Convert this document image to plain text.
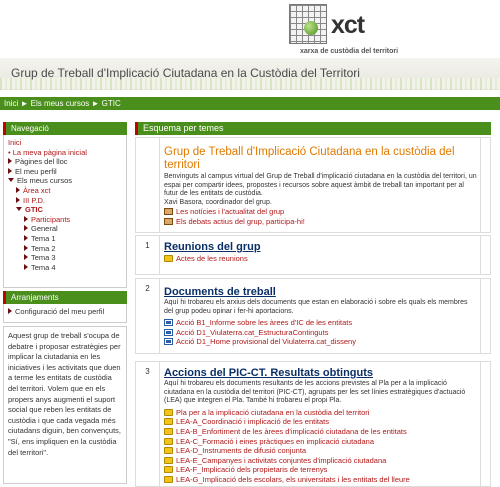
xct
xarxa de custòdia del territori
Grup de Treball d'Implicació Ciutadana en la Custòdia del Territori
Inici ► Els meus cursos ► GTIC
Navegació
Inici
• La meva pàgina inicial
Pàgines del lloc
El meu perfil
Els meus cursos
Àrea xct
III P.D.
GTIC
Participants
General
Tema 1
Tema 2
Tema 3
Tema 4
Arranjaments
Configuració del meu perfil
Aquest grup de treball s'ocupa de debatre i proposar estratègies per implicar la ciutadania en les iniciatives i les activitats que duen a terme les entitats de custòdia del territori. Volem que en els propers anys augmenti el suport social que reben les entitats de custòdia i que cada vegada més ciutadans diguin, ben convençuts, "Sí, ens impliquen en la custòdia del territori".
Esquema per temes
Grup de Treball d'Implicació Ciutadana en la custòdia del territori
Benvinguts al campus virtual del Grup de Treball d'implicació ciutadana en la custòdia del territori, un espai per compartir idees, propostes i recursos sobre aquest àmbit de treball tan important per al futur de les entitats de custòdia.
Xavi Basora, coordinador del grup.
Les notícies i l'actualitat del grup
Els debats actius del grup, participa-hi!
1	Reunions del grup
Actes de les reunions
2	Documents de treball
Aquí hi trobareu els arxius dels documents que estan en elaboració i sobre els quals els membres del grup podeu opinar i fer-hi aportacions.
Acció B1_Informe sobre les àrees d'IC de les entitats
Acció D1_Viulaterra.cat_EstructuraContinguts
Acció D1_Home provisional del Viulaterra.cat_disseny
3	Accions del PIC-CT. Resultats obtinguts
Aquí hi trobareu els documents resultants de les accions previstes al Pla per a la implicació ciutadana en la custòdia del territori (PIC-CT), agrupats per les set línies estratègiques d'actuació (LEA) que integren el Pla. També hi trobareu el propi Pla.
Pla per a la implicació ciutadana en la custòdia del territori
LEA-A_Coordinació i implicació de les entitats
LEA-B_Enfortiment de les àrees d'implicació ciutadana de les entitats
LEA-C_Formació i eines pràctiques en implicació ciutadana
LEA-D_Instruments de difusió conjunta
LEA-E_Campanyes i activitats conjuntes d'implicació ciutadana
LEA-F_Implicació dels propietaris de terrenys
LEA-G_Implicació dels escolars, els universitats i les entitats del lleure
